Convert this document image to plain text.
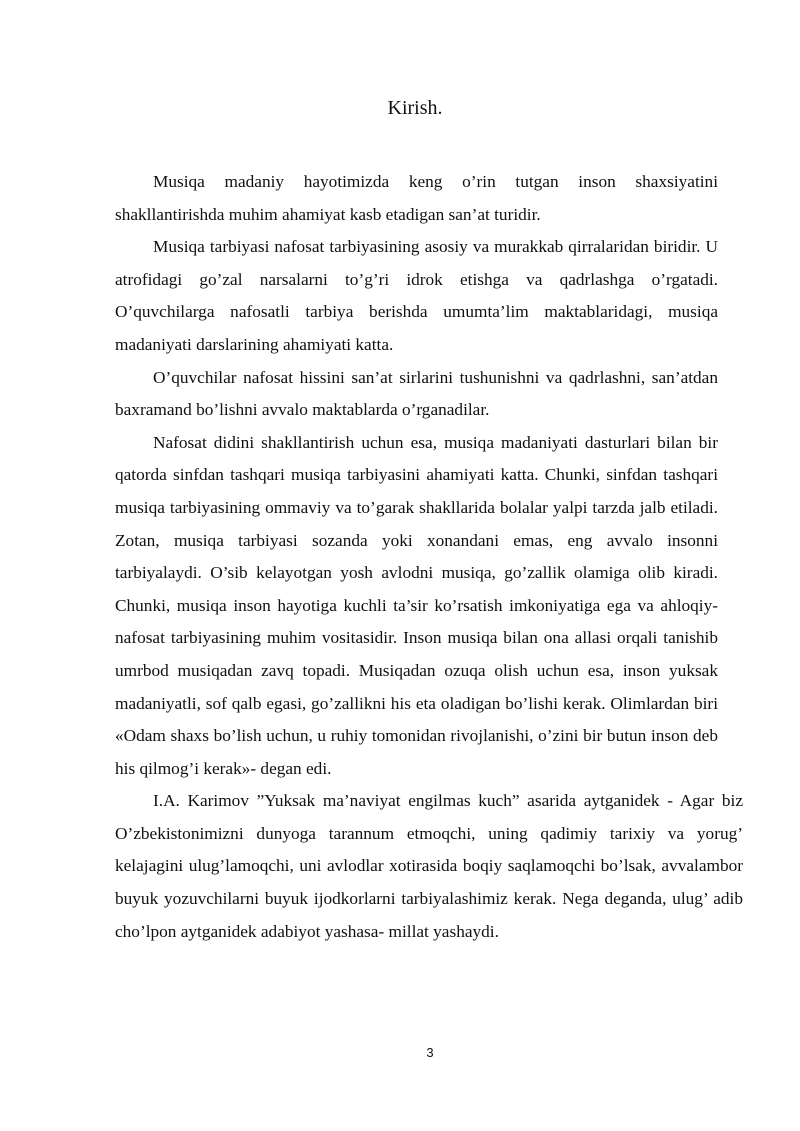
Kirish.

Musiqa madaniy hayotimizda keng o’rin tutgan inson shaxsiyatini shakllantirishda muhim ahamiyat kasb etadigan san’at turidir.

Musiqa tarbiyasi nafosat tarbiyasining asosiy va murakkab qirralaridan biridir. U atrofidagi go’zal narsalarni to’g’ri idrok etishga va qadrlashga o’rgatadi. O’quvchilarga nafosatli tarbiya berishda umumta’lim maktablaridagi, musiqa madaniyati darslarining ahamiyati katta.

O’quvchilar nafosat hissini san’at sirlarini tushunishni va qadrlashni, san’atdan baxramand bo’lishni avvalo maktablarda o’rganadilar.

Nafosat didini shakllantirish uchun esa, musiqa madaniyati dasturlari bilan bir qatorda sinfdan tashqari musiqa tarbiyasini ahamiyati katta. Chunki, sinfdan tashqari musiqa tarbiyasining ommaviy va to’garak shakllarida bolalar yalpi tarzda jalb etiladi. Zotan, musiqa tarbiyasi sozanda yoki xonandani emas, eng avvalo insonni tarbiyalaydi. O’sib kelayotgan yosh avlodni musiqa, go’zallik olamiga olib kiradi. Chunki, musiqa inson hayotiga kuchli ta’sir ko’rsatish imkoniyatiga ega va ahloqiy-nafosat tarbiyasining muhim vositasidir. Inson musiqa bilan ona allasi orqali tanishib umrbod musiqadan zavq topadi. Musiqadan ozuqa olish uchun esa, inson yuksak madaniyatli, sof qalb egasi, go’zallikni his eta oladigan bo’lishi kerak. Olimlardan biri «Odam shaxs bo’lish uchun, u ruhiy tomonidan rivojlanishi, o’zini bir butun inson deb his qilmog’i kerak»- degan edi.

I.A. Karimov ”Yuksak ma’naviyat engilmas kuch” asarida aytganidek - Agar biz O’zbekistonimizni dunyoga tarannum etmoqchi, uning qadimiy tarixiy va yorug’ kelajagini ulug’lamoqchi, uni avlodlar xotirasida boqiy saqlamoqchi bo’lsak, avvalambor buyuk yozuvchilarni buyuk ijodkorlarni tarbiyalashimiz kerak. Nega deganda, ulug’ adib cho’lpon aytganidek adabiyot yashasa- millat yashaydi.

3
